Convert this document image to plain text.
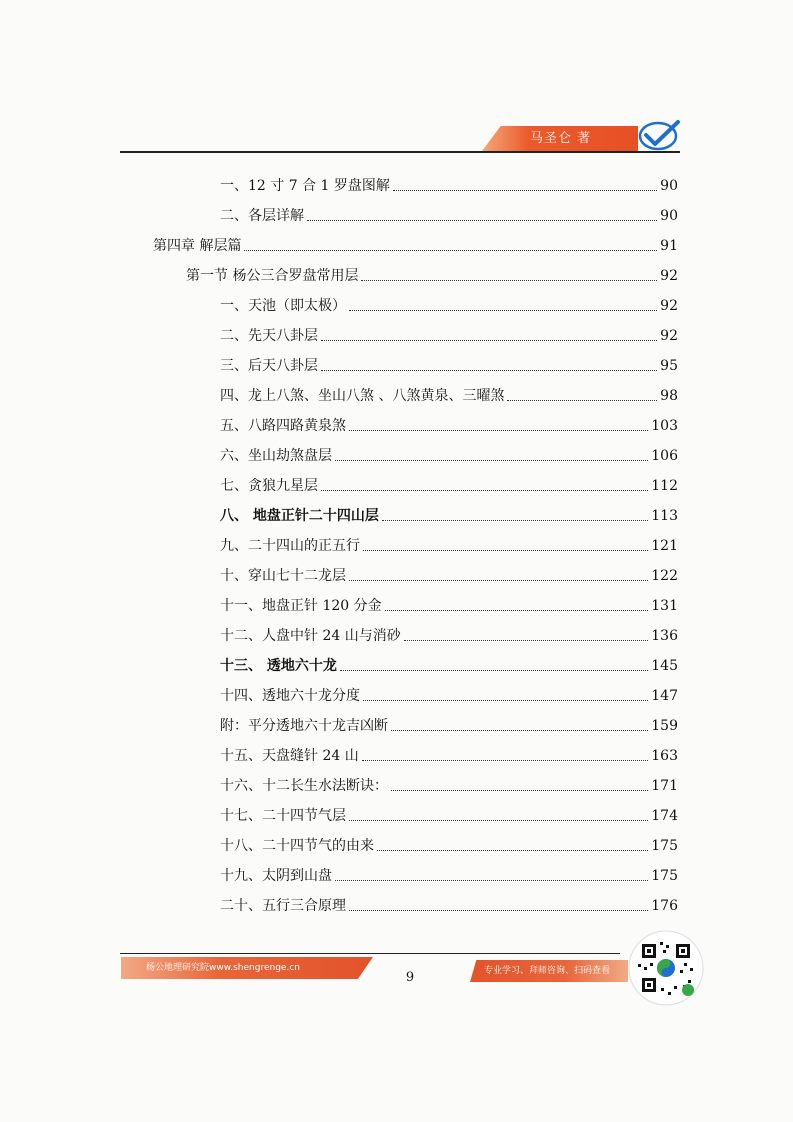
马圣仑 著
一、12 寸 7 合 1 罗盘图解	90
二、各层详解	90
第四章 解层篇	91
第一节 杨公三合罗盘常用层	92
一、天池（即太极）	92
二、先天八卦层	92
三、后天八卦层	95
四、龙上八煞、坐山八煞 、八煞黄泉、三曜煞	98
五、八路四路黄泉煞	103
六、坐山劫煞盘层	106
七、贪狼九星层	112
八、 地盘正针二十四山层	113
九、二十四山的正五行	121
十、穿山七十二龙层	122
十一、地盘正针 120 分金	131
十二、人盘中针 24 山与消砂	136
十三、 透地六十龙	145
十四、透地六十龙分度	147
附：平分透地六十龙吉凶断	159
十五、天盘缝针 24 山	163
十六、十二长生水法断诀：	171
十七、二十四节气层	174
十八、二十四节气的由来	175
十九、太阴到山盘	175
二十、五行三合原理	176
杨公地理研究院www.shengrenge.cn
9	专业学习、拜师咨询、扫码查看
